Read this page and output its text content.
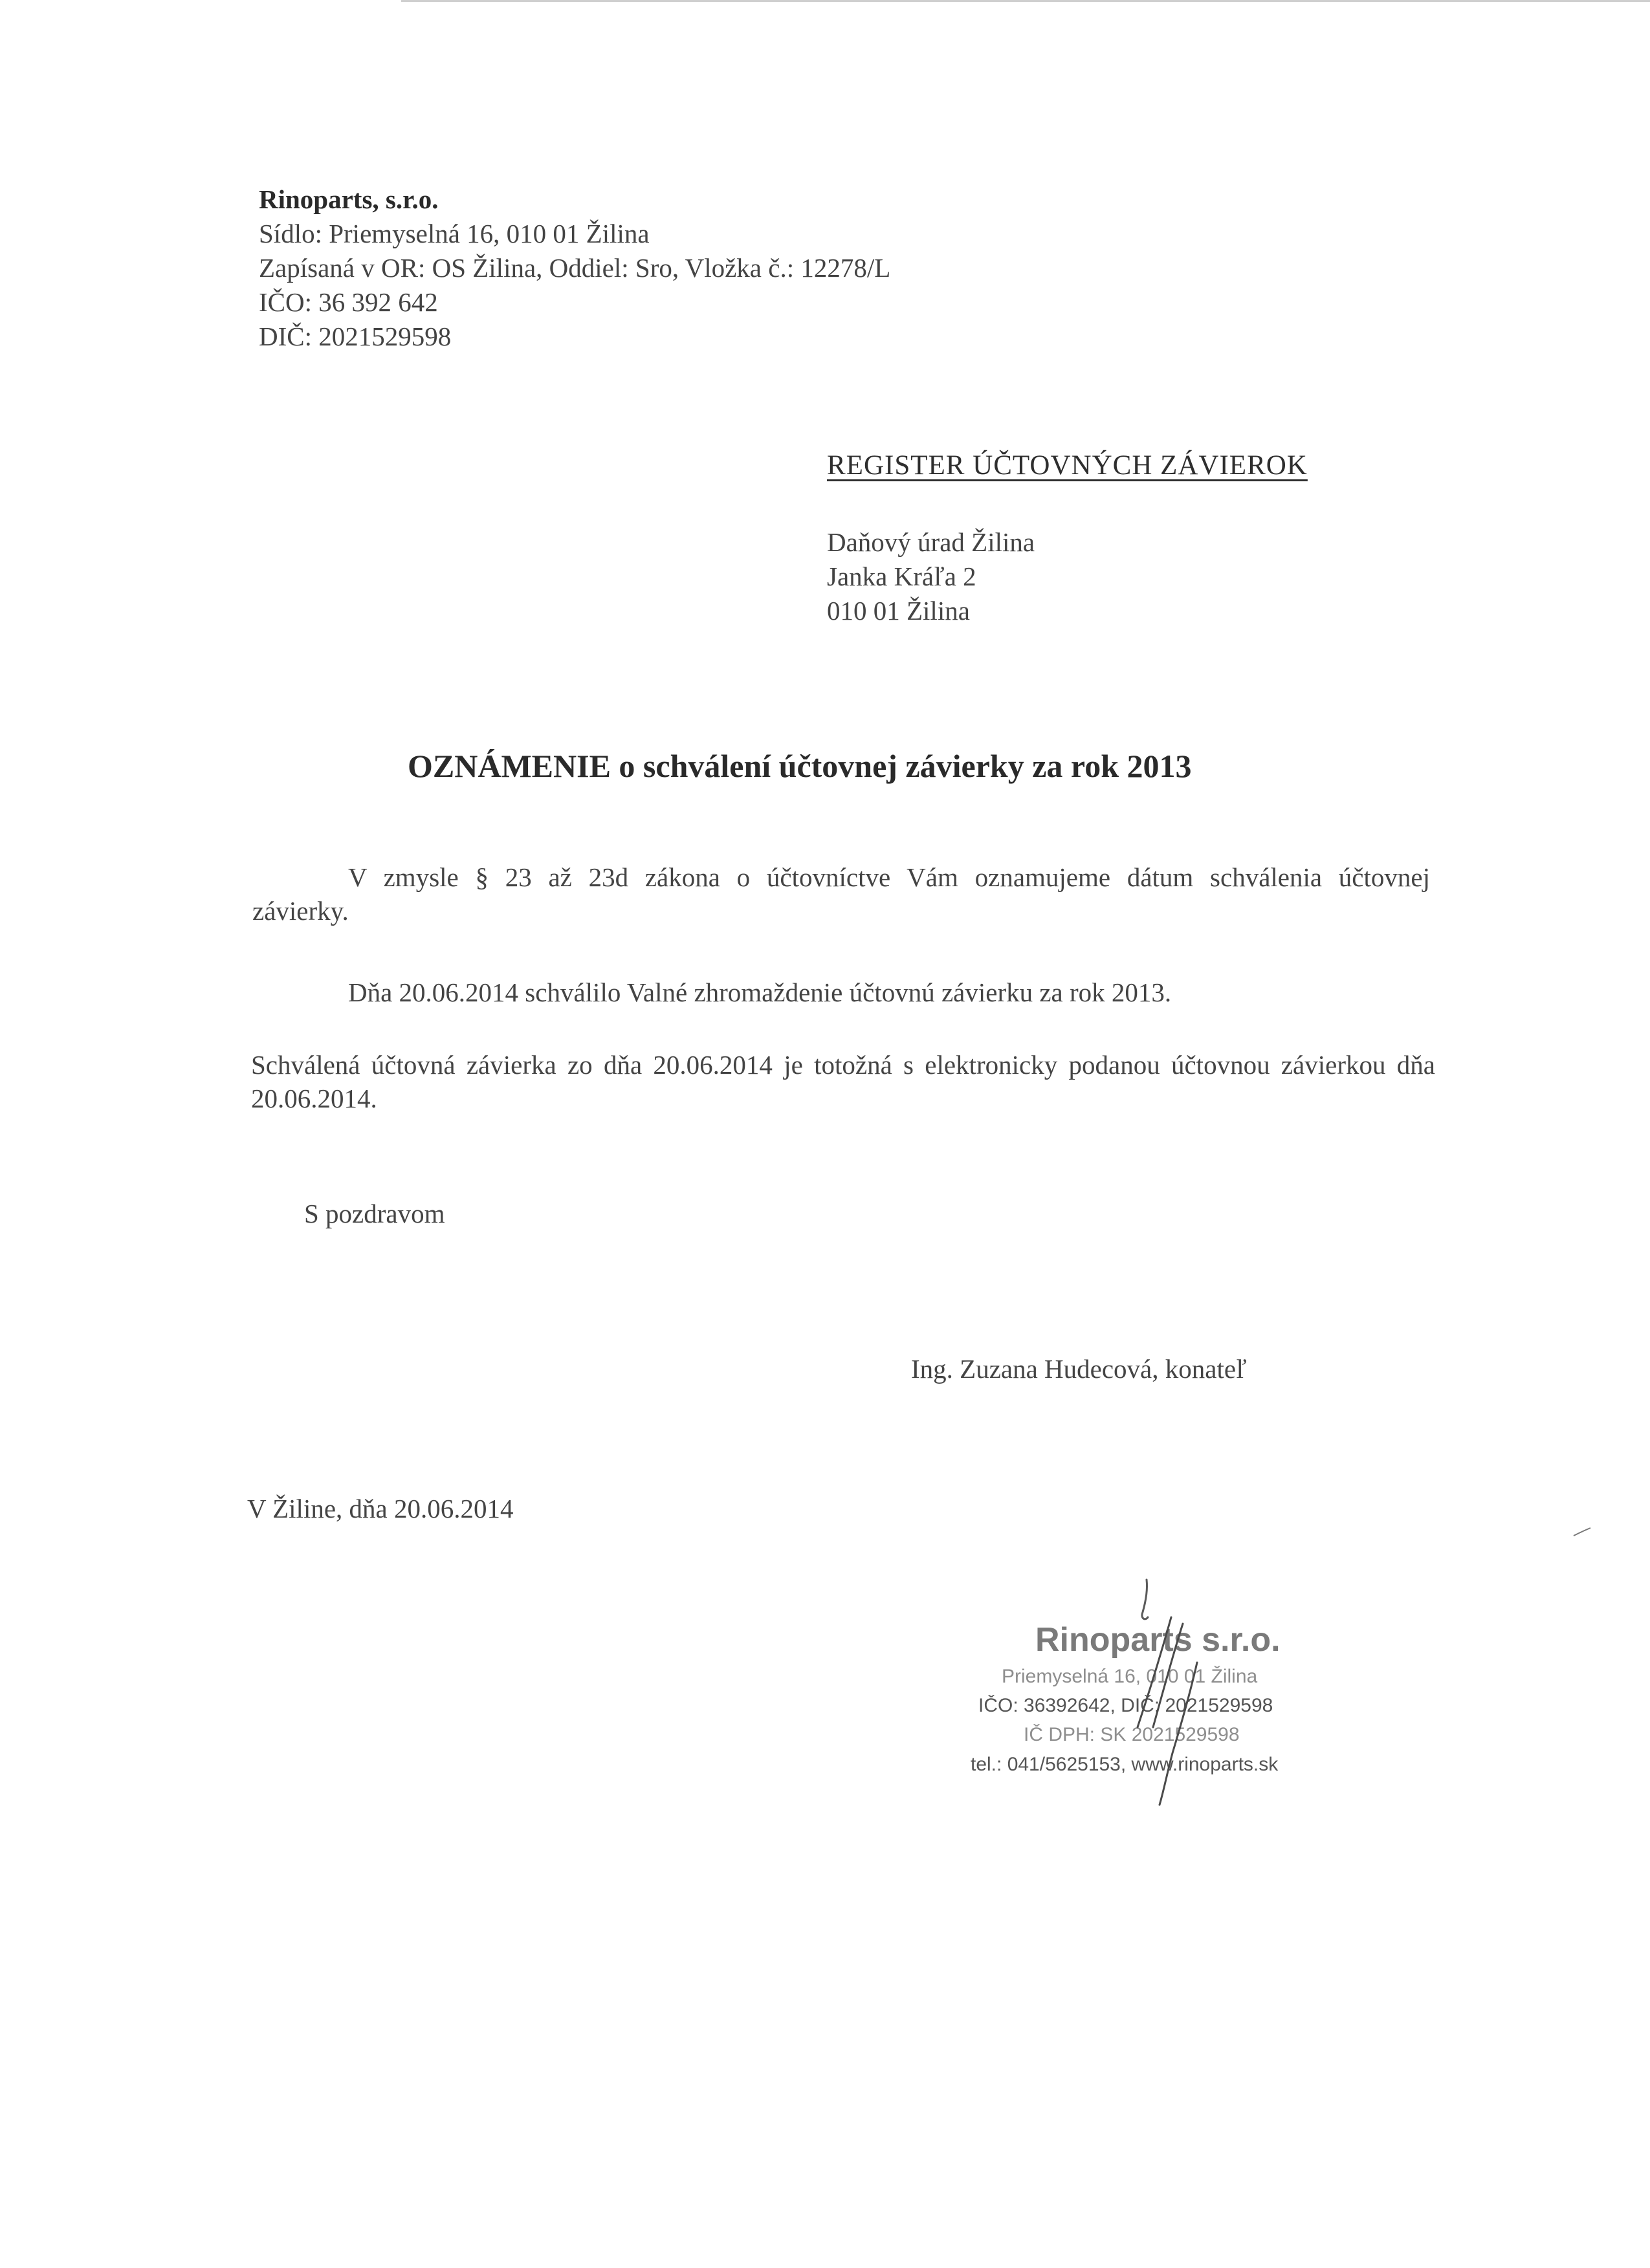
Rinoparts, s.r.o.
Sídlo: Priemyselná 16, 010 01 Žilina
Zapísaná v OR: OS Žilina, Oddiel: Sro, Vložka č.: 12278/L
IČO: 36 392 642
DIČ: 2021529598
REGISTER ÚČTOVNÝCH ZÁVIEROK
Daňový úrad Žilina
Janka Kráľa 2
010 01 Žilina
OZNÁMENIE o schválení účtovnej závierky za rok 2013
V zmysle § 23 až 23d zákona o účtovníctve Vám oznamujeme dátum schválenia účtovnej závierky.
Dňa 20.06.2014 schválilo Valné zhromaždenie účtovnú závierku za rok 2013.
Schválená účtovná závierka zo dňa 20.06.2014 je totožná s elektronicky podanou účtovnou závierkou dňa 20.06.2014.
S pozdravom
Ing. Zuzana Hudecová, konateľ
V Žiline, dňa 20.06.2014
Rinoparts s.r.o.
Priemyselná 16, 010 01 Žilina
IČO: 36392642, DIČ: 2021529598
IČ DPH: SK 2021529598
tel.: 041/5625153, www.rinoparts.sk
